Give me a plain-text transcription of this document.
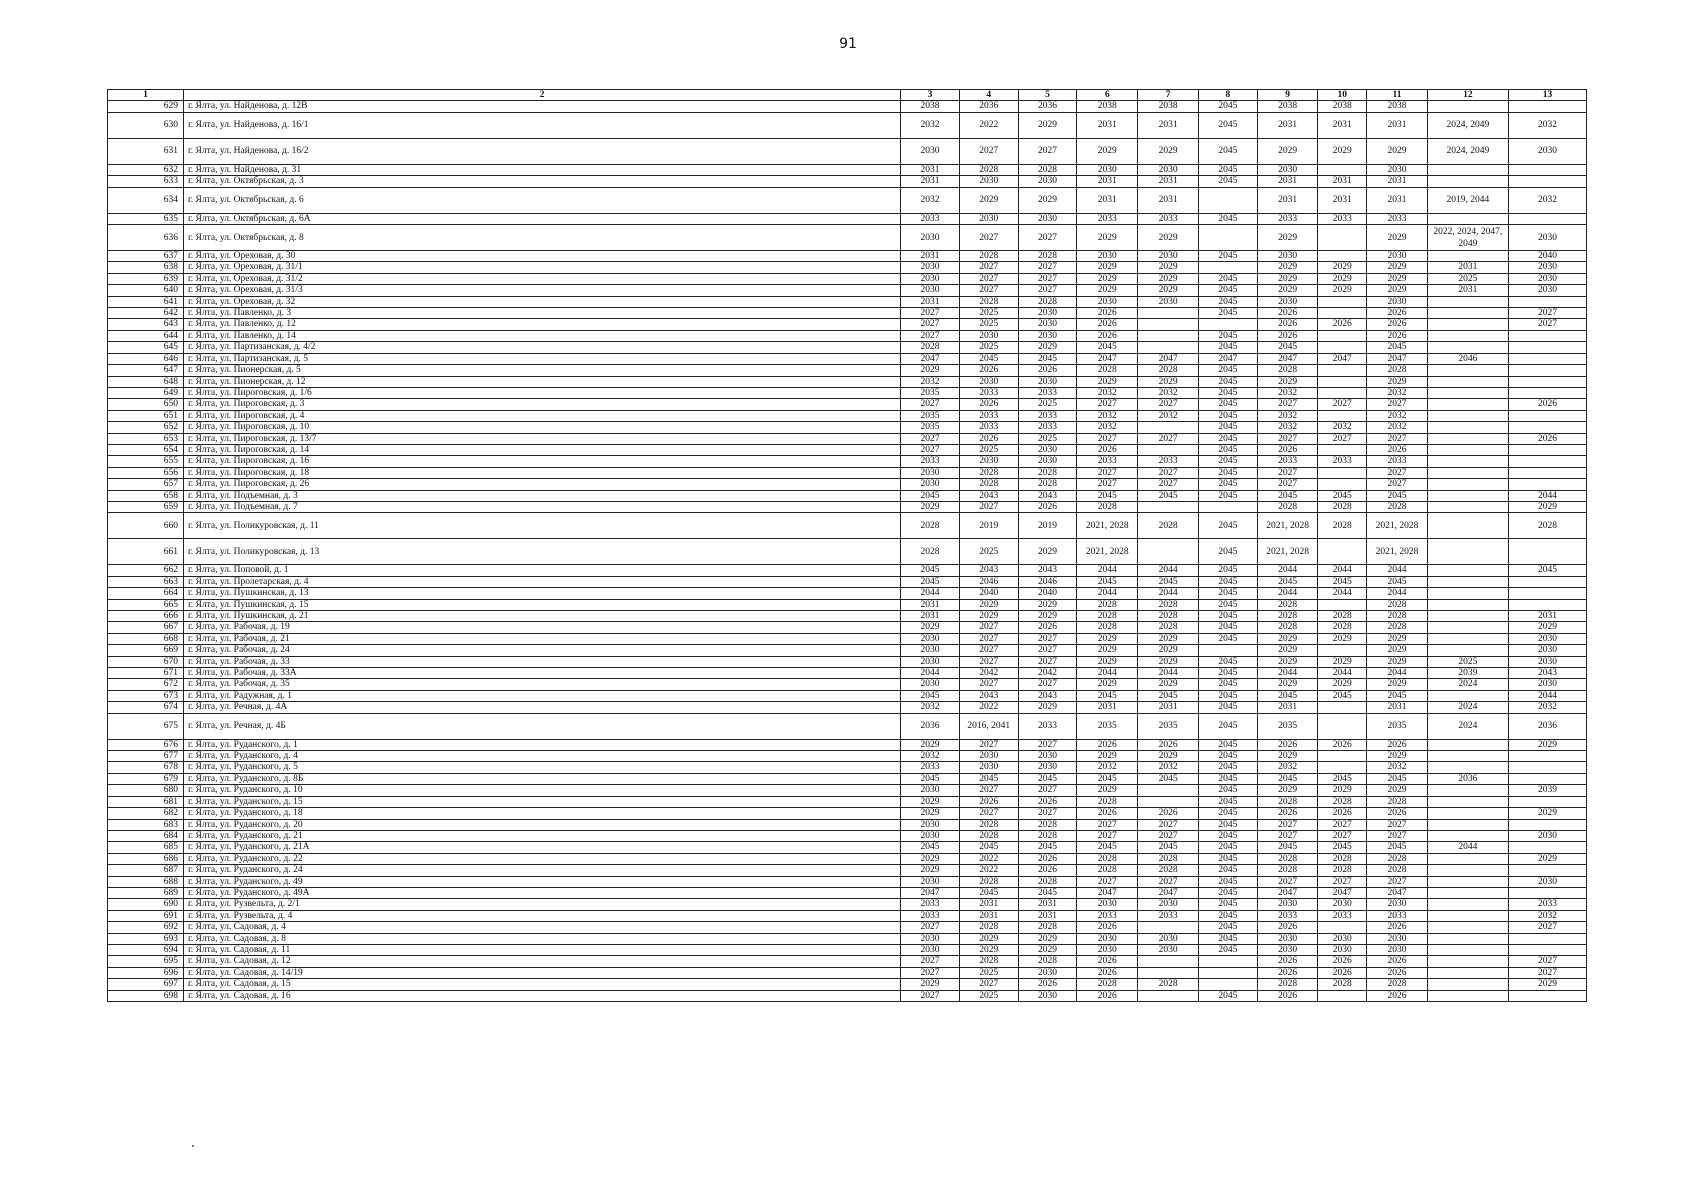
91
1	2	3	4	5	6	7	8	9	10	11	12	13
629	г. Ялта, ул. Найденова, д. 12В	2038	2036	2036	2038	2038	2045	2038	2038	2038		
630	г. Ялта, ул. Найденова, д. 16/1	2032	2022	2029	2031	2031	2045	2031	2031	2031	2024, 2049	2032
631	г. Ялта, ул. Найденова, д. 16/2	2030	2027	2027	2029	2029	2045	2029	2029	2029	2024, 2049	2030
632	г. Ялта, ул. Найденова, д. 31	2031	2028	2028	2030	2030	2045	2030		2030		
633	г. Ялта, ул. Октябрьская, д. 3	2031	2030	2030	2031	2031	2045	2031	2031	2031		
634	г. Ялта, ул. Октябрьская, д. 6	2032	2029	2029	2031	2031		2031	2031	2031	2019, 2044	2032
635	г. Ялта, ул. Октябрьская, д. 6А	2033	2030	2030	2033	2033	2045	2033	2033	2033		
636	г. Ялта, ул. Октябрьская, д. 8	2030	2027	2027	2029	2029		2029		2029	2022, 2024, 2047, 2049	2030
637	г. Ялта, ул. Ореховая, д. 30	2031	2028	2028	2030	2030	2045	2030		2030		2040
638	г. Ялта, ул. Ореховая, д. 31/1	2030	2027	2027	2029	2029		2029	2029	2029	2031	2030
639	г. Ялта, ул. Ореховая, д. 31/2	2030	2027	2027	2029	2029	2045	2029	2029	2029	2025	2030
640	г. Ялта, ул. Ореховая, д. 31/3	2030	2027	2027	2029	2029	2045	2029	2029	2029	2031	2030
641	г. Ялта, ул. Ореховая, д. 32	2031	2028	2028	2030	2030	2045	2030		2030		
642	г. Ялта, ул. Павленко, д. 3	2027	2025	2030	2026		2045	2026		2026		2027
643	г. Ялта, ул. Павленко, д. 12	2027	2025	2030	2026			2026	2026	2026		2027
644	г. Ялта, ул. Павленко, д. 14	2027	2030	2030	2026		2045	2026		2026		
645	г. Ялта, ул. Партизанская, д. 4/2	2028	2025	2029	2045		2045	2045		2045		
646	г. Ялта, ул. Партизанская, д. 5	2047	2045	2045	2047	2047	2047	2047	2047	2047	2046	
647	г. Ялта, ул. Пионерская, д. 5	2029	2026	2026	2028	2028	2045	2028		2028		
648	г. Ялта, ул. Пионерская, д. 12	2032	2030	2030	2029	2029	2045	2029		2029		
649	г. Ялта, ул. Пироговская, д. 1/6	2035	2033	2033	2032	2032	2045	2032		2032		
650	г. Ялта, ул. Пироговская, д. 3	2027	2026	2025	2027	2027	2045	2027	2027	2027		2026
651	г. Ялта, ул. Пироговская, д. 4	2035	2033	2033	2032	2032	2045	2032		2032		
652	г. Ялта, ул. Пироговская, д. 10	2035	2033	2033	2032		2045	2032	2032	2032		
653	г. Ялта, ул. Пироговская, д. 13/7	2027	2026	2025	2027	2027	2045	2027	2027	2027		2026
654	г. Ялта, ул. Пироговская, д. 14	2027	2025	2030	2026		2045	2026		2026		
655	г. Ялта, ул. Пироговская, д. 16	2033	2030	2030	2033	2033	2045	2033	2033	2033		
656	г. Ялта, ул. Пироговская, д. 18	2030	2028	2028	2027	2027	2045	2027		2027		
657	г. Ялта, ул. Пироговская, д. 26	2030	2028	2028	2027	2027	2045	2027		2027		
658	г. Ялта, ул. Подъемная, д. 3	2045	2043	2043	2045	2045	2045	2045	2045	2045		2044
659	г. Ялта, ул. Подъемная, д. 7	2029	2027	2026	2028			2028	2028	2028		2029
660	г. Ялта, ул. Поликуровская, д. 11	2028	2019	2019	2021, 2028	2028	2045	2021, 2028	2028	2021, 2028		2028
661	г. Ялта, ул. Поликуровская, д. 13	2028	2025	2029	2021, 2028		2045	2021, 2028		2021, 2028		
662	г. Ялта, ул. Поповой, д. 1	2045	2043	2043	2044	2044	2045	2044	2044	2044		2045
663	г. Ялта, ул. Пролетарская, д. 4	2045	2046	2046	2045	2045	2045	2045	2045	2045		
664	г. Ялта, ул. Пушкинская, д. 13	2044	2040	2040	2044	2044	2045	2044	2044	2044		
665	г. Ялта, ул. Пушкинская, д. 15	2031	2029	2029	2028	2028	2045	2028		2028		
666	г. Ялта, ул. Пушкинская, д. 21	2031	2029	2029	2028	2028	2045	2028	2028	2028		2031
667	г. Ялта, ул. Рабочая, д. 19	2029	2027	2026	2028	2028	2045	2028	2028	2028		2029
668	г. Ялта, ул. Рабочая, д. 21	2030	2027	2027	2029	2029	2045	2029	2029	2029		2030
669	г. Ялта, ул. Рабочая, д. 24	2030	2027	2027	2029	2029		2029		2029		2030
670	г. Ялта, ул. Рабочая, д. 33	2030	2027	2027	2029	2029	2045	2029	2029	2029	2025	2030
671	г. Ялта, ул. Рабочая, д. 33А	2044	2042	2042	2044	2044	2045	2044	2044	2044	2039	2043
672	г. Ялта, ул. Рабочая, д. 35	2030	2027	2027	2029	2029	2045	2029	2029	2029	2024	2030
673	г. Ялта, ул. Радужная, д. 1	2045	2043	2043	2045	2045	2045	2045	2045	2045		2044
674	г. Ялта, ул. Речная, д. 4А	2032	2022	2029	2031	2031	2045	2031		2031	2024	2032
675	г. Ялта, ул. Речная, д. 4Б	2036	2016, 2041	2033	2035	2035	2045	2035		2035	2024	2036
676	г. Ялта, ул. Руданского, д. 1	2029	2027	2027	2026	2026	2045	2026	2026	2026		2029
677	г. Ялта, ул. Руданского, д. 4	2032	2030	2030	2029	2029	2045	2029		2029		
678	г. Ялта, ул. Руданского, д. 5	2033	2030	2030	2032	2032	2045	2032		2032		
679	г. Ялта, ул. Руданского, д. 8Б	2045	2045	2045	2045	2045	2045	2045	2045	2045	2036	
680	г. Ялта, ул. Руданского, д. 10	2030	2027	2027	2029		2045	2029	2029	2029		2039
681	г. Ялта, ул. Руданского, д. 15	2029	2026	2026	2028		2045	2028	2028	2028		
682	г. Ялта, ул. Руданского, д. 18	2029	2027	2027	2026	2026	2045	2026	2026	2026		2029
683	г. Ялта, ул. Руданского, д. 20	2030	2028	2028	2027	2027	2045	2027	2027	2027		
684	г. Ялта, ул. Руданского, д. 21	2030	2028	2028	2027	2027	2045	2027	2027	2027		2030
685	г. Ялта, ул. Руданского, д. 21А	2045	2045	2045	2045	2045	2045	2045	2045	2045	2044	
686	г. Ялта, ул. Руданского, д. 22	2029	2022	2026	2028	2028	2045	2028	2028	2028		2029
687	г. Ялта, ул. Руданского, д. 24	2029	2022	2026	2028	2028	2045	2028	2028	2028		
688	г. Ялта, ул. Руданского, д. 49	2030	2028	2028	2027	2027	2045	2027	2027	2027		2030
689	г. Ялта, ул. Руданского, д. 49А	2047	2045	2045	2047	2047	2045	2047	2047	2047		
690	г. Ялта, ул. Рузвельта, д. 2/1	2033	2031	2031	2030	2030	2045	2030	2030	2030		2033
691	г. Ялта, ул. Рузвельта, д. 4	2033	2031	2031	2033	2033	2045	2033	2033	2033		2032
692	г. Ялта, ул. Садовая, д. 4	2027	2028	2028	2026		2045	2026		2026		2027
693	г. Ялта, ул. Садовая, д. 8	2030	2029	2029	2030	2030	2045	2030	2030	2030		
694	г. Ялта, ул. Садовая, д. 11	2030	2029	2029	2030	2030	2045	2030	2030	2030		
695	г. Ялта, ул. Садовая, д. 12	2027	2028	2028	2026			2026	2026	2026		2027
696	г. Ялта, ул. Садовая, д. 14/19	2027	2025	2030	2026			2026	2026	2026		2027
697	г. Ялта, ул. Садовая, д. 15	2029	2027	2026	2028	2028		2028	2028	2028		2029
698	г. Ялта, ул. Садовая, д. 16	2027	2025	2030	2026		2045	2026		2026		
